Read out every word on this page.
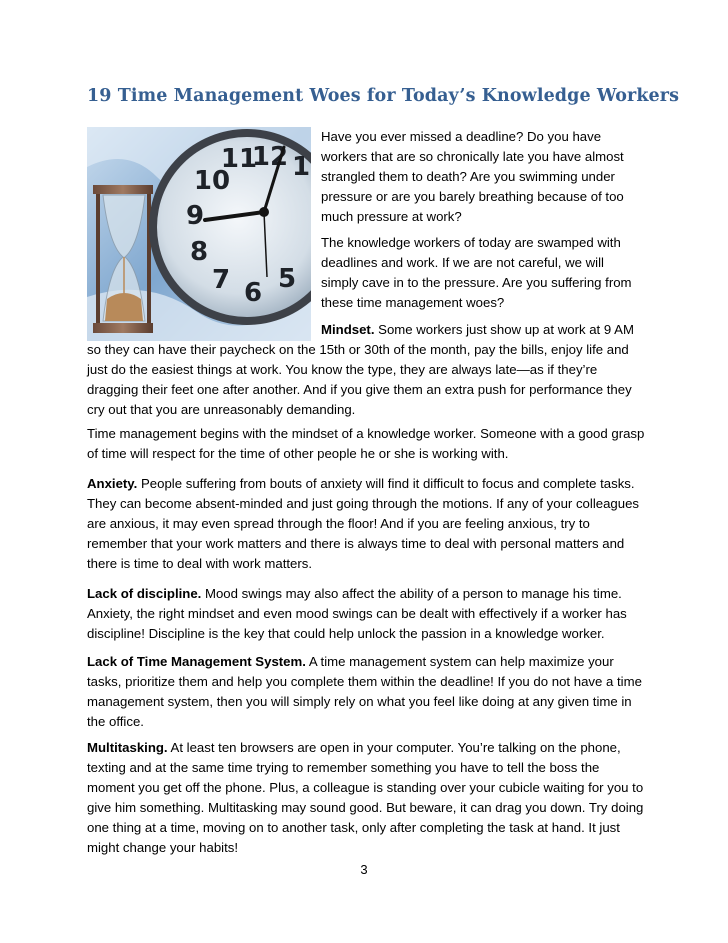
19 Time Management Woes for Today’s Knowledge Workers
11
12 1
10
9
8
7 6 5

Have you ever missed a deadline? Do you have workers that are so chronically late you have almost strangled them to death? Are you swimming under pressure or are you barely breathing because of too much pressure at work?

The knowledge workers of today are swamped with deadlines and work. If we are not careful, we will simply cave in to the pressure. Are you suffering from these time management woes?

Mindset. Some workers just show up at work at 9 AM so they can have their paycheck on the 15th or 30th of the month, pay the bills, enjoy life and just do the easiest things at work. You know the type, they are always late—as if they’re dragging their feet one after another. And if you give them an extra push for performance they cry out that you are unreasonably demanding.

Time management begins with the mindset of a knowledge worker. Someone with a good grasp of time will respect for the time of other people he or she is working with.

Anxiety. People suffering from bouts of anxiety will find it difficult to focus and complete tasks. They can become absent-minded and just going through the motions. If any of your colleagues are anxious, it may even spread through the floor! And if you are feeling anxious, try to remember that your work matters and there is always time to deal with personal matters and there is time to deal with work matters.

Lack of discipline. Mood swings may also affect the ability of a person to manage his time. Anxiety, the right mindset and even mood swings can be dealt with effectively if a worker has discipline! Discipline is the key that could help unlock the passion in a knowledge worker.

Lack of Time Management System. A time management system can help maximize your tasks, prioritize them and help you complete them within the deadline! If you do not have a time management system, then you will simply rely on what you feel like doing at any given time in the office.

Multitasking. At least ten browsers are open in your computer. You’re talking on the phone, texting and at the same time trying to remember something you have to tell the boss the moment you get off the phone. Plus, a colleague is standing over your cubicle waiting for you to give him something. Multitasking may sound good. But beware, it can drag you down. Try doing one thing at a time, moving on to another task, only after completing the task at hand. It just might change your habits!

3
